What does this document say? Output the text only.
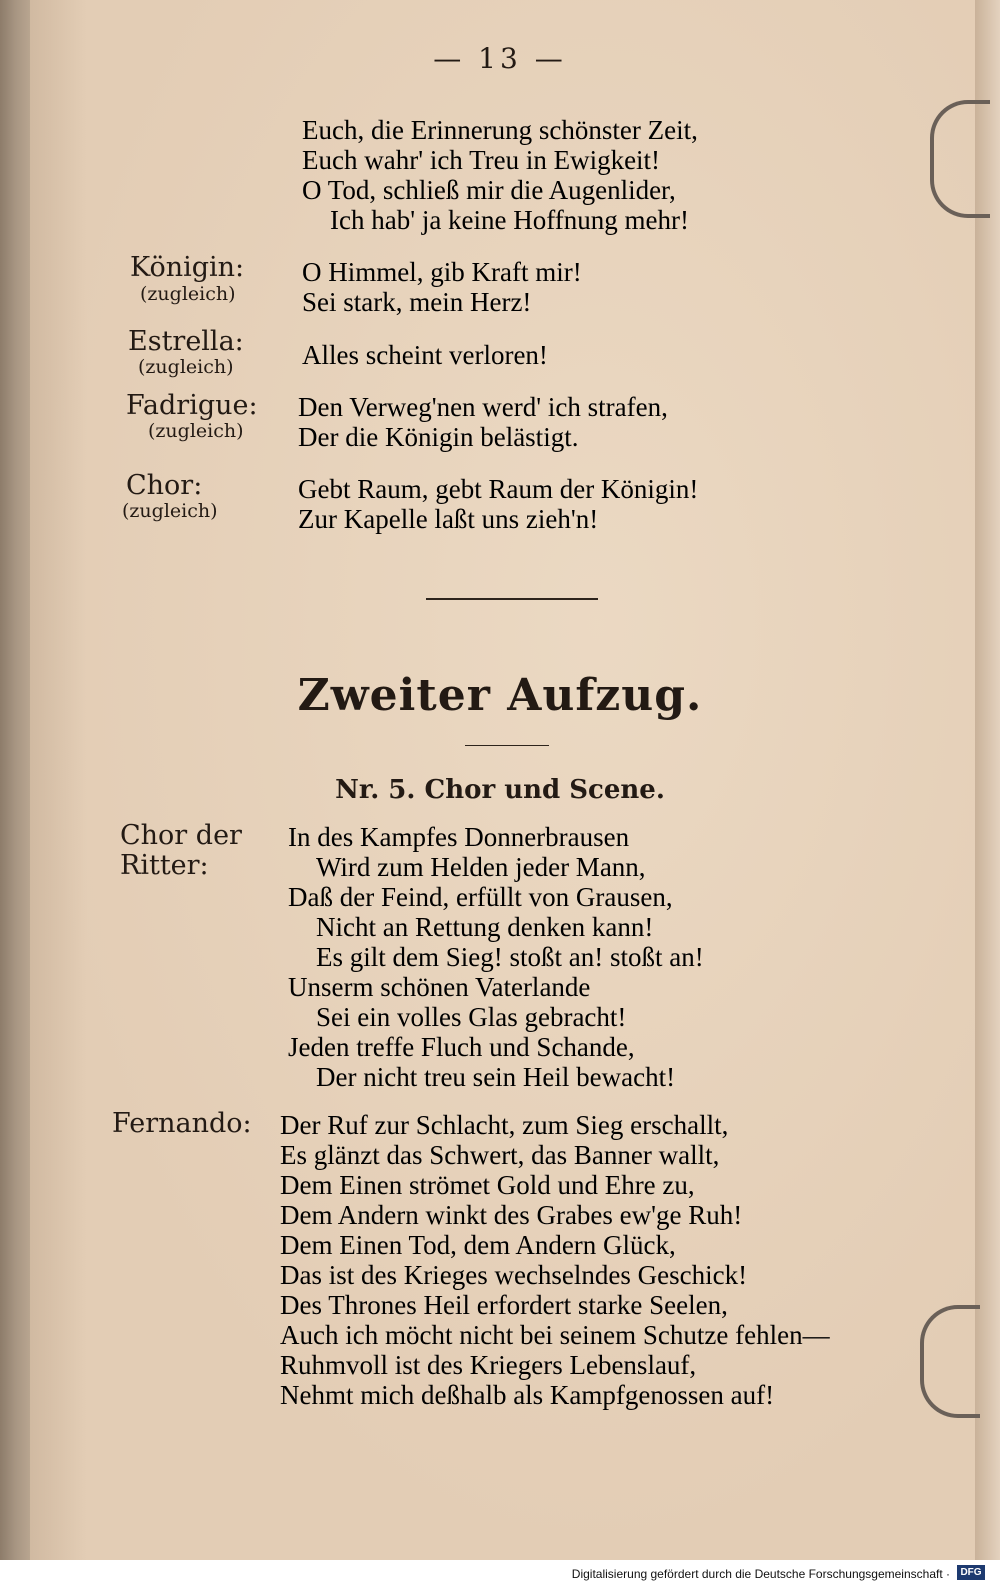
— 13 —
Euch, die Erinnerung schönster Zeit,
Euch wahr' ich Treu in Ewigkeit!
O Tod, schließ mir die Augenlider,
Ich hab' ja keine Hoffnung mehr!
Königin:
(zugleich)
O Himmel, gib Kraft mir!
Sei stark, mein Herz!
Estrella:
(zugleich)	Alles scheint verloren!
Fadrigue:
(zugleich)
Den Verweg'nen werd' ich strafen,
Der die Königin belästigt.
Chor:
(zugleich)
Gebt Raum, gebt Raum der Königin!
Zur Kapelle laßt uns zieh'n!
Zweiter Aufzug.
Nr. 5. Chor und Scene.
Chor der
Ritter:
In des Kampfes Donnerbrausen
Wird zum Helden jeder Mann,
Daß der Feind, erfüllt von Grausen,
Nicht an Rettung denken kann!
Es gilt dem Sieg! stoßt an! stoßt an!
Unserm schönen Vaterlande
Sei ein volles Glas gebracht!
Jeden treffe Fluch und Schande,
Der nicht treu sein Heil bewacht!
Fernando: Der Ruf zur Schlacht, zum Sieg erschallt,
Es glänzt das Schwert, das Banner wallt,
Dem Einen strömet Gold und Ehre zu,
Dem Andern winkt des Grabes ew'ge Ruh!
Dem Einen Tod, dem Andern Glück,
Das ist des Krieges wechselndes Geschick!
Des Thrones Heil erfordert starke Seelen,
Auch ich möcht nicht bei seinem Schutze fehlen—
Ruhmvoll ist des Kriegers Lebenslauf,
Nehmt mich deßhalb als Kampfgenossen auf!
Digitalisierung gefördert durch die Deutsche Forschungsgemeinschaft ·	DFG
